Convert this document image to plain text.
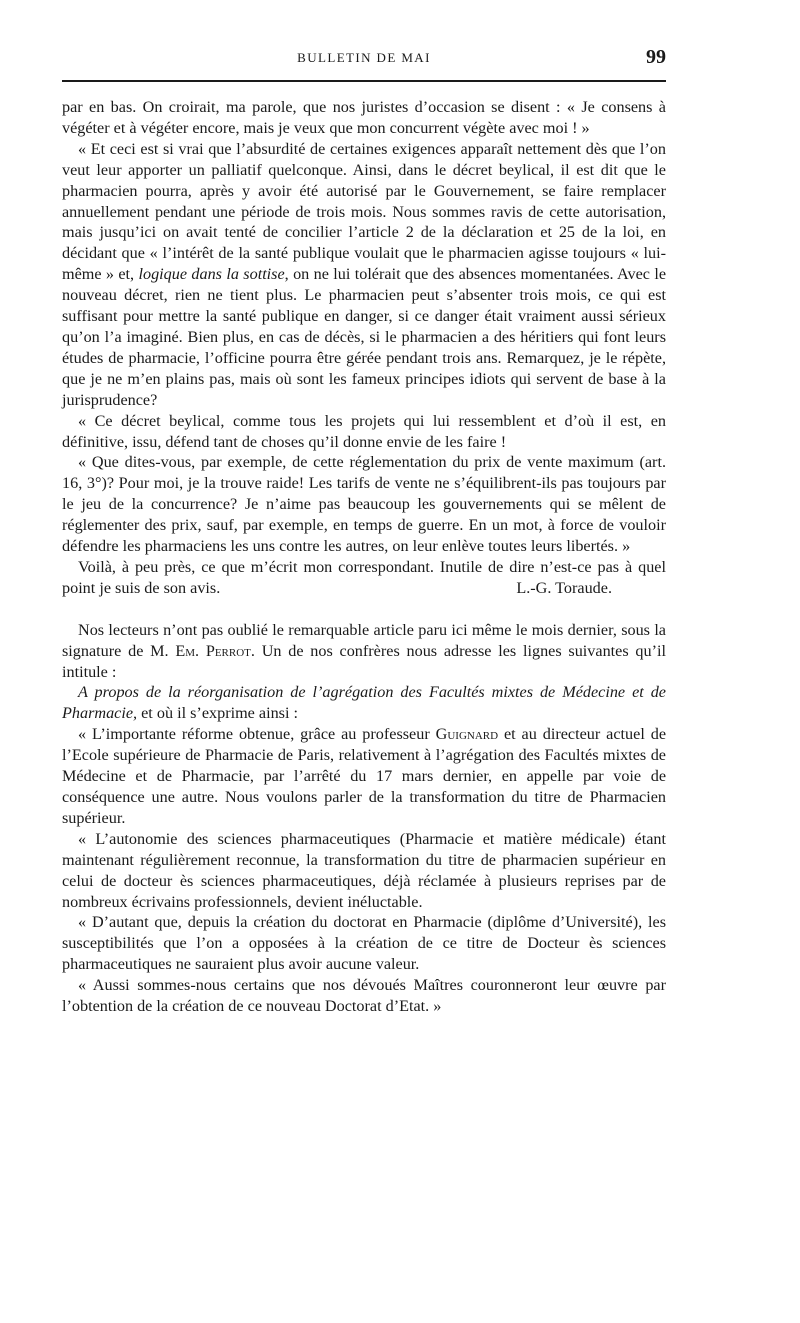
BULLETIN DE MAI	99

par en bas. On croirait, ma parole, que nos juristes d’occasion se disent : « Je consens à végéter et à végéter encore, mais je veux que mon concurrent végète avec moi ! »

« Et ceci est si vrai que l’absurdité de certaines exigences apparaît nettement dès que l’on veut leur apporter un palliatif quelconque. Ainsi, dans le décret beylical, il est dit que le pharmacien pourra, après y avoir été autorisé par le Gouvernement, se faire remplacer annuellement pendant une période de trois mois. Nous sommes ravis de cette autorisation, mais jusqu’ici on avait tenté de concilier l’article 2 de la déclaration et 25 de la loi, en décidant que « l’intérêt de la santé publique voulait que le pharmacien agisse toujours « lui-même » et, logique dans la sottise, on ne lui tolérait que des absences momentanées. Avec le nouveau décret, rien ne tient plus. Le pharmacien peut s’absenter trois mois, ce qui est suffisant pour mettre la santé publique en danger, si ce danger était vraiment aussi sérieux qu’on l’a imaginé. Bien plus, en cas de décès, si le pharmacien a des héritiers qui font leurs études de pharmacie, l’officine pourra être gérée pendant trois ans. Remarquez, je le répète, que je ne m’en plains pas, mais où sont les fameux principes idiots qui servent de base à la jurisprudence?

« Ce décret beylical, comme tous les projets qui lui ressemblent et d’où il est, en définitive, issu, défend tant de choses qu’il donne envie de les faire !

« Que dites-vous, par exemple, de cette réglementation du prix de vente maximum (art. 16, 3°)? Pour moi, je la trouve raide! Les tarifs de vente ne s’équilibrent-ils pas toujours par le jeu de la concurrence? Je n’aime pas beaucoup les gouvernements qui se mêlent de réglementer des prix, sauf, par exemple, en temps de guerre. En un mot, à force de vouloir défendre les pharmaciens les uns contre les autres, on leur enlève toutes leurs libertés. »

Voilà, à peu près, ce que m’écrit mon correspondant. Inutile de dire n’est-ce pas à quel point je suis de son avis.	L.-G. Toraude.

Nos lecteurs n’ont pas oublié le remarquable article paru ici même le mois dernier, sous la signature de M. Em. Perrot. Un de nos confrères nous adresse les lignes suivantes qu’il intitule :

A propos de la réorganisation de l’agrégation des Facultés mixtes de Médecine et de Pharmacie, et où il s’exprime ainsi :

« L’importante réforme obtenue, grâce au professeur Guignard et au directeur actuel de l’Ecole supérieure de Pharmacie de Paris, relativement à l’agrégation des Facultés mixtes de Médecine et de Pharmacie, par l’arrêté du 17 mars dernier, en appelle par voie de conséquence une autre. Nous voulons parler de la transformation du titre de Pharmacien supérieur.

« L’autonomie des sciences pharmaceutiques (Pharmacie et matière médicale) étant maintenant régulièrement reconnue, la transformation du titre de pharmacien supérieur en celui de docteur ès sciences pharmaceutiques, déjà réclamée à plusieurs reprises par de nombreux écrivains professionnels, devient inéluctable.

« D’autant que, depuis la création du doctorat en Pharmacie (diplôme d’Université), les susceptibilités que l’on a opposées à la création de ce titre de Docteur ès sciences pharmaceutiques ne sauraient plus avoir aucune valeur.

« Aussi sommes-nous certains que nos dévoués Maîtres couronneront leur œuvre par l’obtention de la création de ce nouveau Doctorat d’Etat. »
